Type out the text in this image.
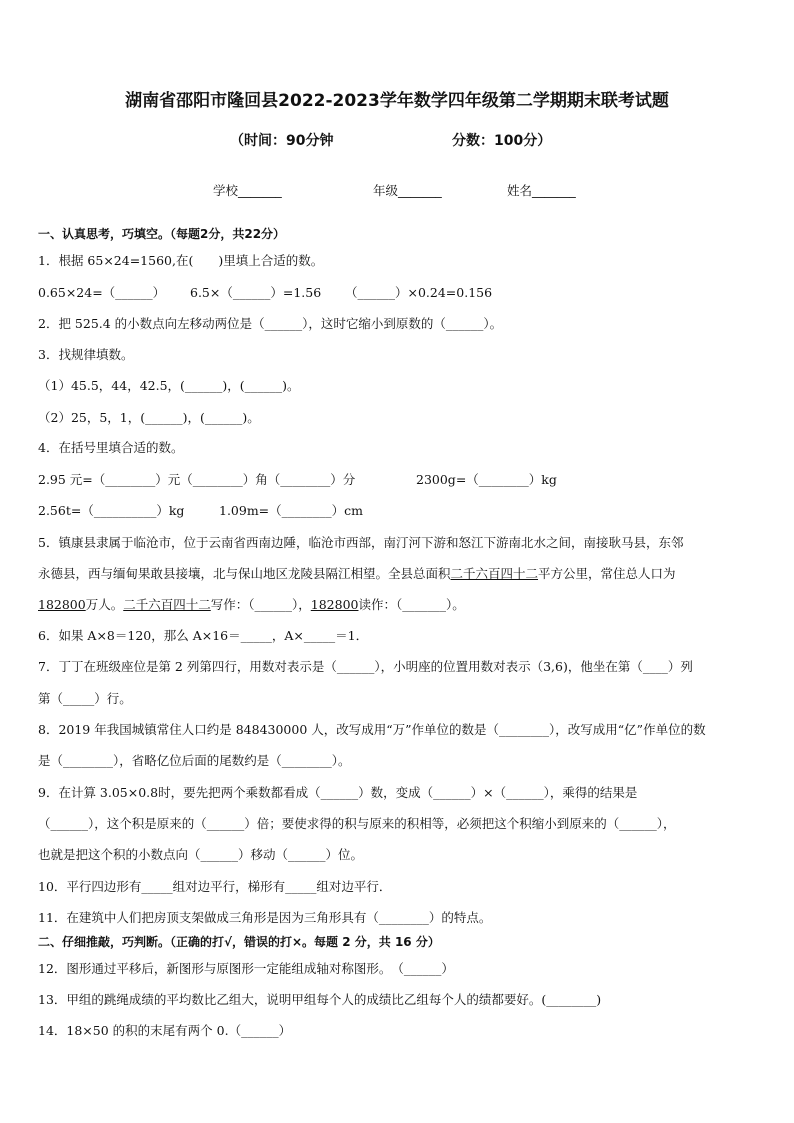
湖南省邵阳市隆回县2022-2023学年数学四年级第二学期期末联考试题
（时间：90分钟	分数：100分）
学校_______	年级_______	姓名_______
一、认真思考，巧填空。（每题2分，共22分）
1．根据 65×24=1560,在(　　)里填上合适的数。
0.65×24=（______） 6.5×（______）=1.56 （______）×0.24=0.156
2．把 525.4 的小数点向左移动两位是（______），这时它缩小到原数的（______）。
3．找规律填数。
（1）45.5，44，42.5，(______)，(______)。
（2）25，5，1，(______)，(______)。
4．在括号里填合适的数。
2.95 元=（________）元（________）角（________）分	2300g=（________）kg
2.56t=（__________）kg	1.09m=（________）cm
5．镇康县隶属于临沧市，位于云南省西南边陲，临沧市西部，南汀河下游和怒江下游南北水之间，南接耿马县，东邻
永德县，西与缅甸果敢县接壤，北与保山地区龙陵县隔江相望。全县总面积二千六百四十二平方公里，常住总人口为
182800万人。二千六百四十二写作：（______），182800读作：（_______）。
6．如果 A×8＝120，那么 A×16＝_____，A×_____＝1．
7．丁丁在班级座位是第 2 列第四行，用数对表示是（______），小明座的位置用数对表示（3,6)，他坐在第（____）列
第（_____）行。
8．2019 年我国城镇常住人口约是 848430000 人，改写成用“万”作单位的数是（________），改写成用“亿”作单位的数
是（________），省略亿位后面的尾数约是（________）。
9．在计算 3.05×0.8时，要先把两个乘数都看成（______）数，变成（______）×（______），乘得的结果是
（______），这个积是原来的（______）倍；要使求得的积与原来的积相等，必须把这个积缩小到原来的（______），
也就是把这个积的小数点向（______）移动（______）位。
10．平行四边形有_____组对边平行，梯形有_____组对边平行．
11．在建筑中人们把房顶支架做成三角形是因为三角形具有（________）的特点。
二、仔细推敲，巧判断。（正确的打√，错误的打×。每题 2 分，共 16 分）
12．图形通过平移后，新图形与原图形一定能组成轴对称图形。　（______）
13．甲组的跳绳成绩的平均数比乙组大，说明甲组每个人的成绩比乙组每个人的绩都要好。(________)
14．18×50 的积的末尾有两个 0.（______）
